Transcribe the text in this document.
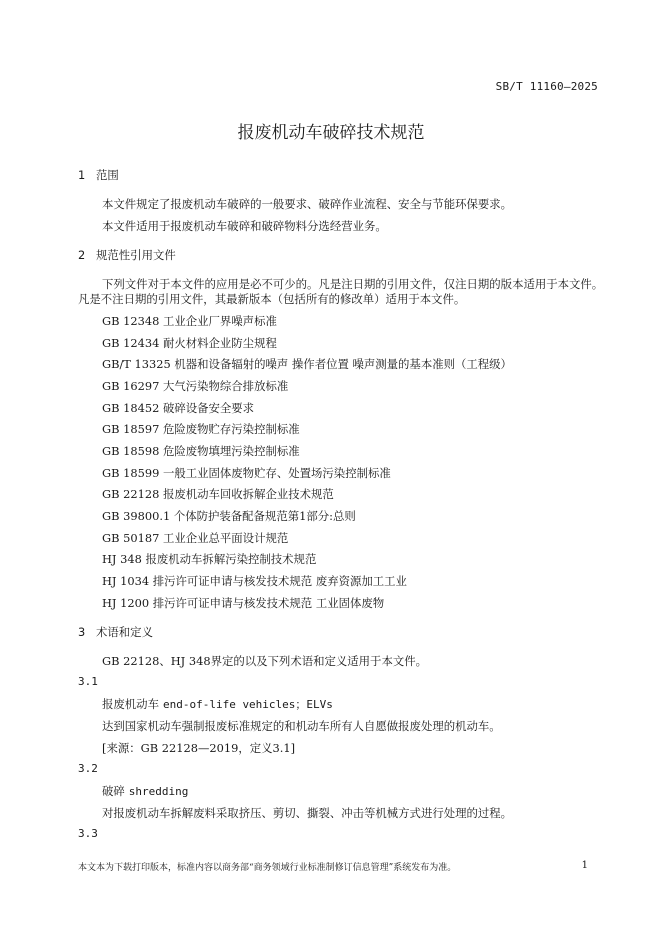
SB/T 11160—2025
报废机动车破碎技术规范
1 范围
本文件规定了报废机动车破碎的一般要求、破碎作业流程、安全与节能环保要求。
本文件适用于报废机动车破碎和破碎物料分选经营业务。
2 规范性引用文件
下列文件对于本文件的应用是必不可少的。凡是注日期的引用文件，仅注日期的版本适用于本文件。
凡是不注日期的引用文件，其最新版本（包括所有的修改单）适用于本文件。
GB 12348 工业企业厂界噪声标准
GB 12434 耐火材料企业防尘规程
GB/T 13325 机器和设备辐射的噪声 操作者位置 噪声测量的基本准则（工程级）
GB 16297 大气污染物综合排放标准
GB 18452 破碎设备安全要求
GB 18597 危险废物贮存污染控制标准
GB 18598 危险废物填埋污染控制标准
GB 18599 一般工业固体废物贮存、处置场污染控制标准
GB 22128 报废机动车回收拆解企业技术规范
GB 39800.1 个体防护装备配备规范第1部分:总则
GB 50187 工业企业总平面设计规范
HJ 348 报废机动车拆解污染控制技术规范
HJ 1034 排污许可证申请与核发技术规范 废弃资源加工工业
HJ 1200 排污许可证申请与核发技术规范 工业固体废物
3 术语和定义
GB 22128、HJ 348界定的以及下列术语和定义适用于本文件。
3.1
报废机动车 end-of-life vehicles；ELVs
达到国家机动车强制报废标准规定的和机动车所有人自愿做报废处理的机动车。
[来源：GB 22128—2019，定义3.1]
3.2
破碎 shredding
对报废机动车拆解废料采取挤压、剪切、撕裂、冲击等机械方式进行处理的过程。
3.3
本文本为下载打印版本，标准内容以商务部“商务领域行业标准制修订信息管理”系统发布为准。	1
